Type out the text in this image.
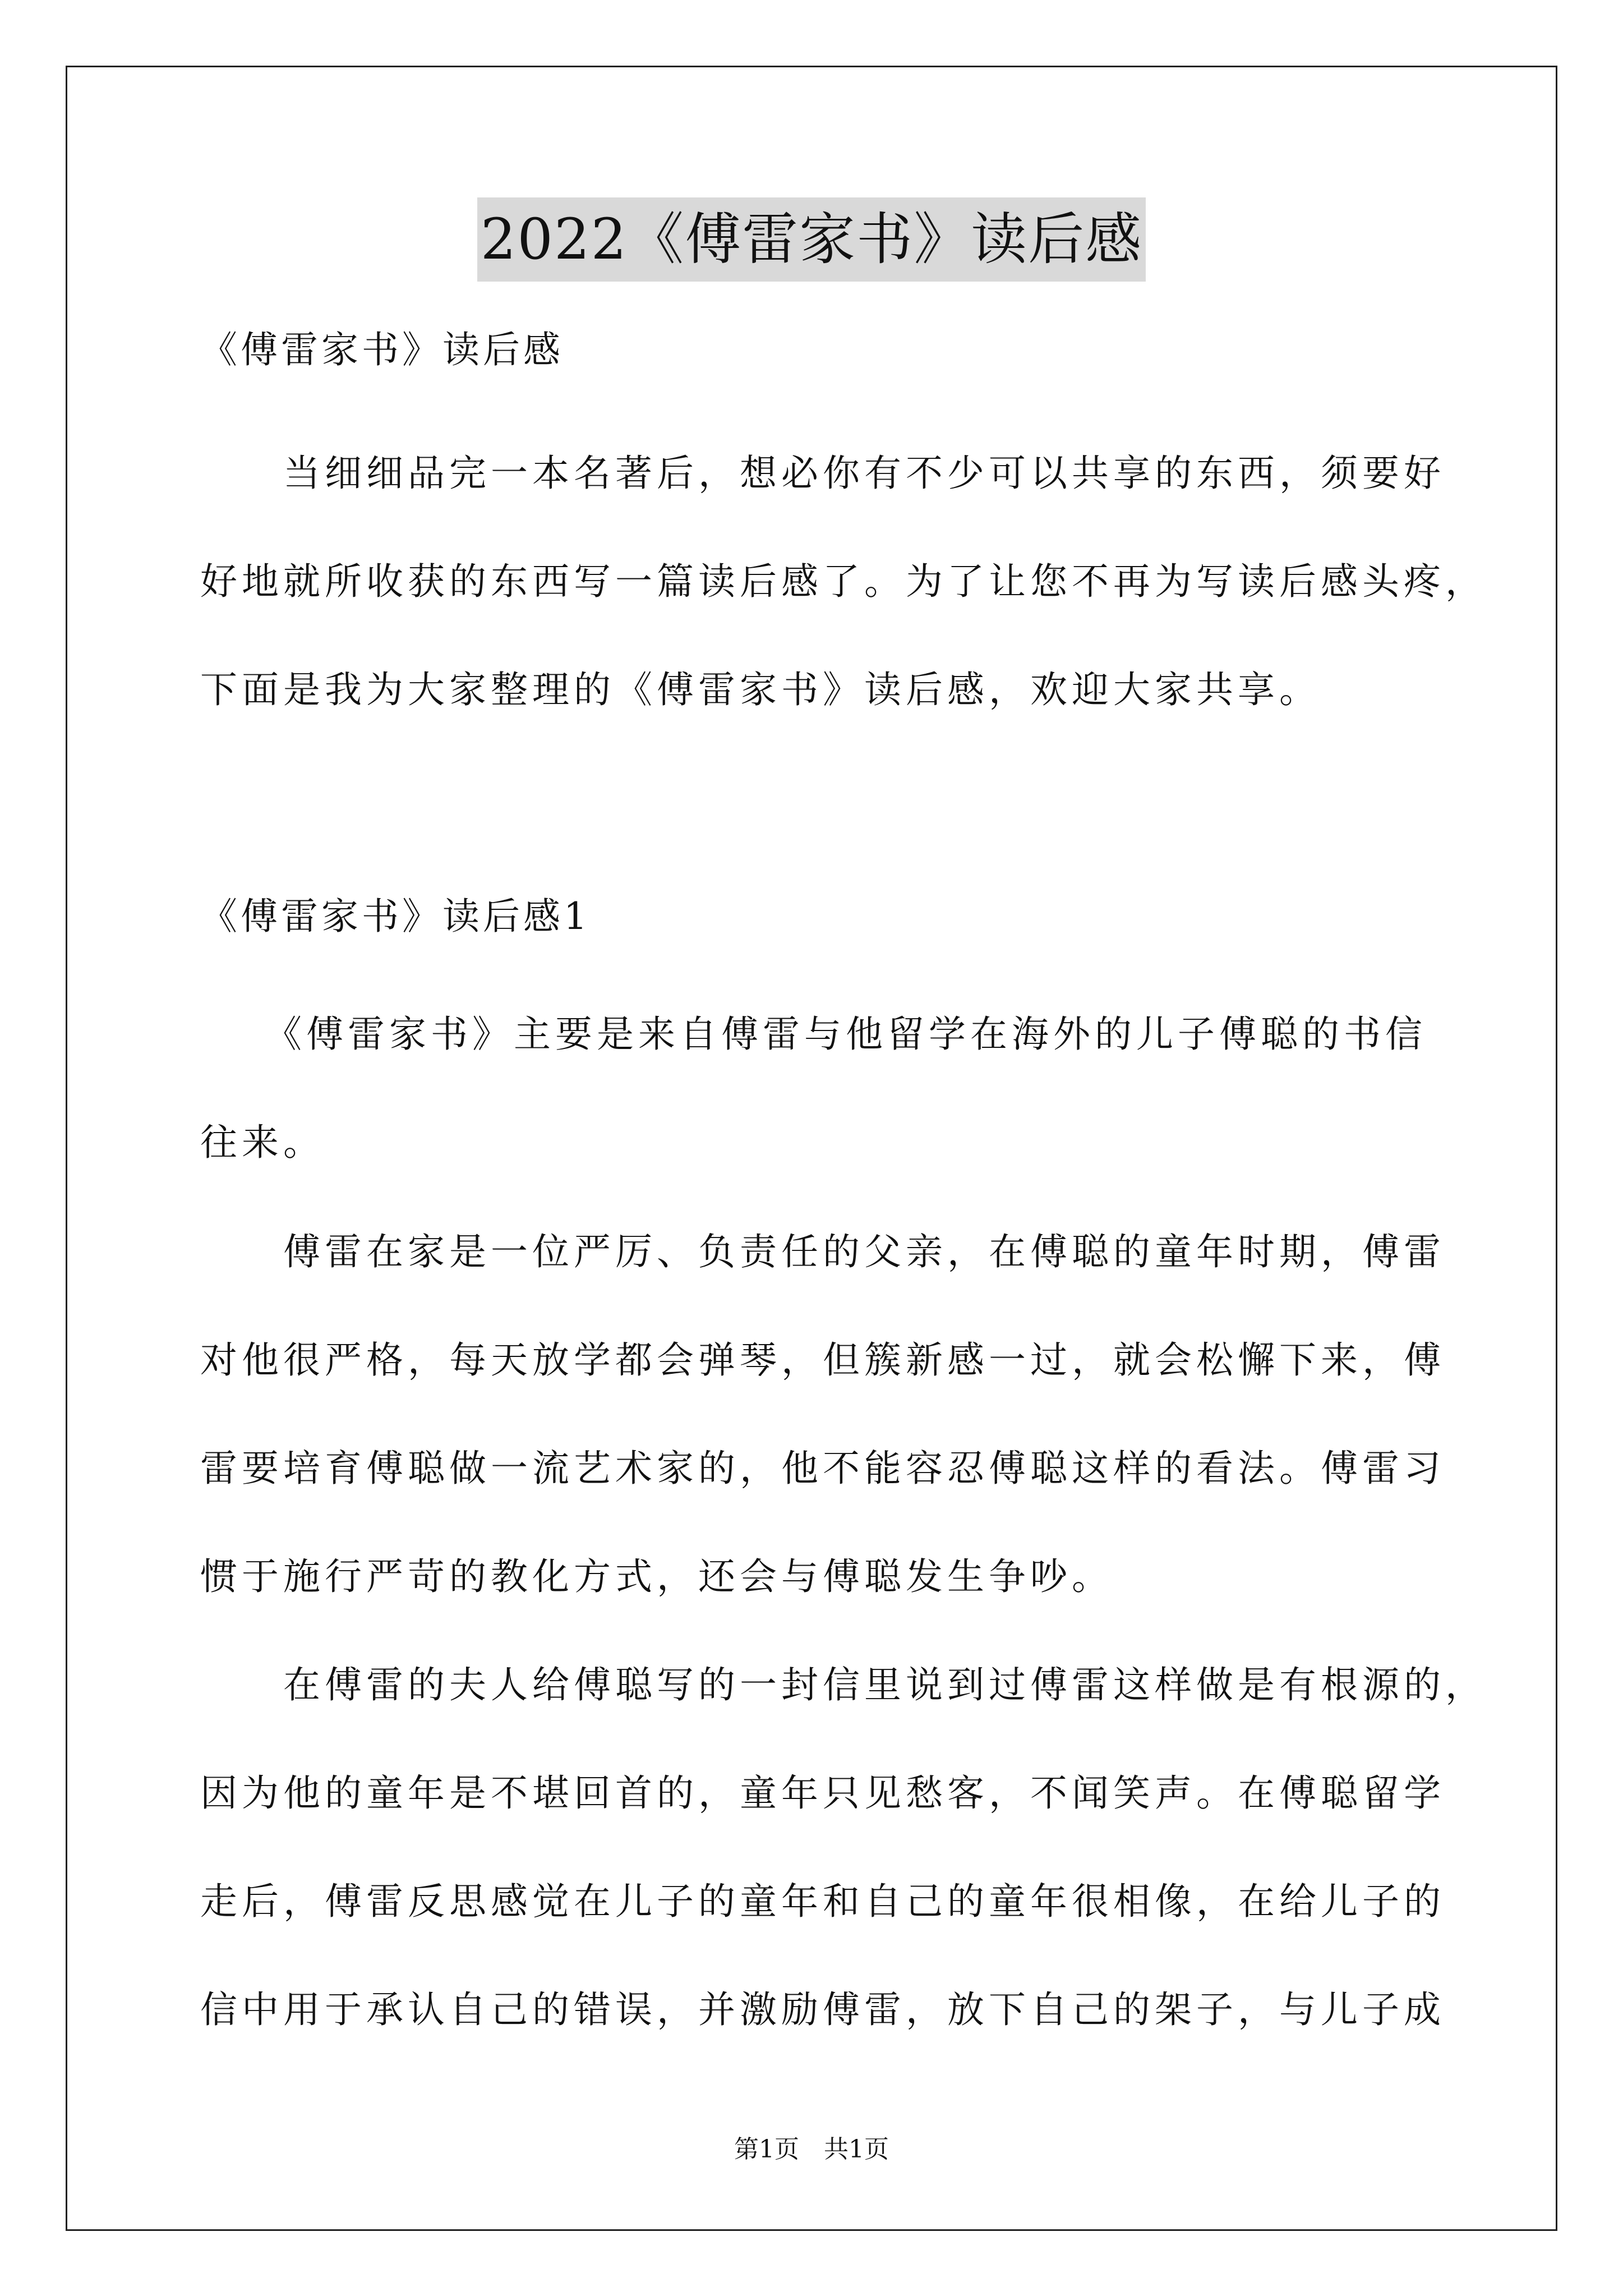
2022《傅雷家书》读后感

《傅雷家书》读后感

　　当细细品完一本名著后，想必你有不少可以共享的东西，须要好

好地就所收获的东西写一篇读后感了。为了让您不再为写读后感头疼，

下面是我为大家整理的《傅雷家书》读后感，欢迎大家共享。

《傅雷家书》读后感1

　　《傅雷家书》主要是来自傅雷与他留学在海外的儿子傅聪的书信

往来。

　　傅雷在家是一位严厉、负责任的父亲，在傅聪的童年时期，傅雷

对他很严格，每天放学都会弹琴，但簇新感一过，就会松懈下来，傅

雷要培育傅聪做一流艺术家的，他不能容忍傅聪这样的看法。傅雷习

惯于施行严苛的教化方式，还会与傅聪发生争吵。

　　在傅雷的夫人给傅聪写的一封信里说到过傅雷这样做是有根源的，

因为他的童年是不堪回首的，童年只见愁客，不闻笑声。在傅聪留学

走后，傅雷反思感觉在儿子的童年和自己的童年很相像，在给儿子的

信中用于承认自己的错误，并激励傅雷，放下自己的架子，与儿子成

第1页　共1页
